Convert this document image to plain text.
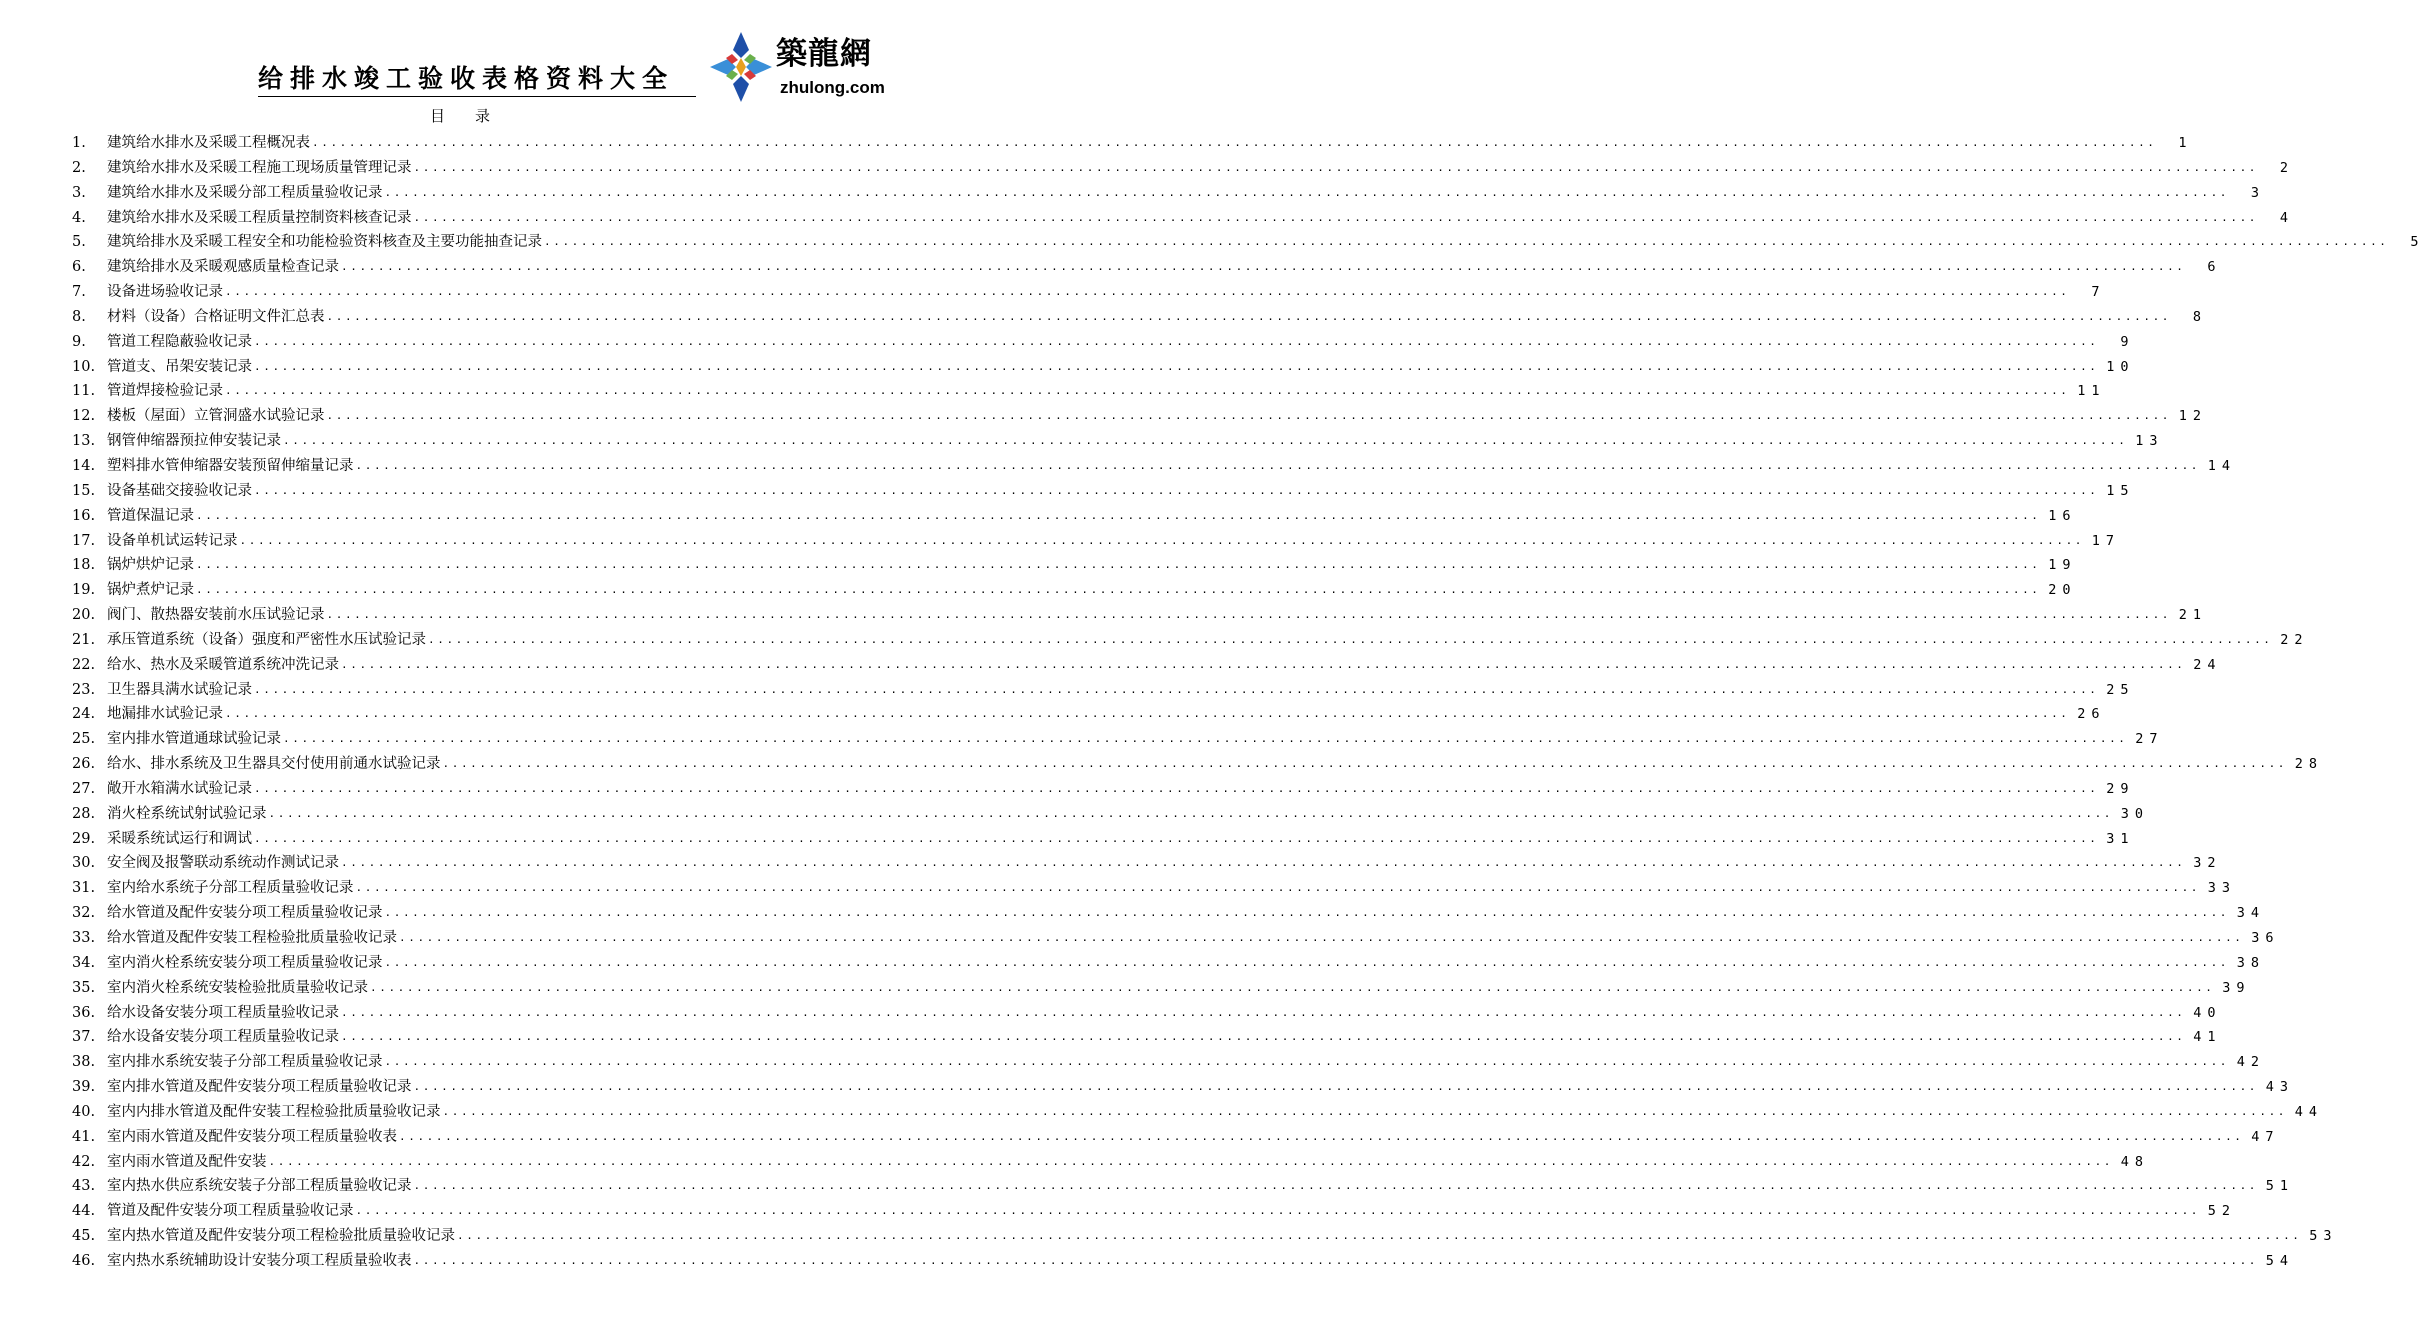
给排水竣工验收表格资料大全
築龍網
zhulong.com
目录
1. 建筑给水排水及采暖工程概况表 ........................................................................................................................................................................................................	1
2. 建筑给水排水及采暖工程施工现场质量管理记录 ........................................................................................................................................................................................................	2
3. 建筑给水排水及采暖分部工程质量验收记录 ........................................................................................................................................................................................................	3
4. 建筑给水排水及采暖工程质量控制资料核查记录 ........................................................................................................................................................................................................	4
5. 建筑给排水及采暖工程安全和功能检验资料核查及主要功能抽查记录 ........................................................................................................................................................................................................	5
6. 建筑给排水及采暖观感质量检查记录 ........................................................................................................................................................................................................	6
7. 设备进场验收记录 ........................................................................................................................................................................................................	7
8. 材料（设备）合格证明文件汇总表 ........................................................................................................................................................................................................	8
9. 管道工程隐蔽验收记录 ........................................................................................................................................................................................................	9
10. 管道支、吊架安装记录 ........................................................................................................................................................................................................ 10
11. 管道焊接检验记录 ........................................................................................................................................................................................................ 11
12. 楼板（屋面）立管洞盛水试验记录 ........................................................................................................................................................................................................ 12
13. 钢管伸缩器预拉伸安装记录 ........................................................................................................................................................................................................ 13
14. 塑料排水管伸缩器安装预留伸缩量记录 ........................................................................................................................................................................................................ 14
15. 设备基础交接验收记录 ........................................................................................................................................................................................................ 15
16. 管道保温记录 ........................................................................................................................................................................................................ 16
17. 设备单机试运转记录 ........................................................................................................................................................................................................ 17
18. 锅炉烘炉记录 ........................................................................................................................................................................................................ 19
19. 锅炉煮炉记录 ........................................................................................................................................................................................................ 20
20. 阀门、散热器安装前水压试验记录 ........................................................................................................................................................................................................ 21
21. 承压管道系统（设备）强度和严密性水压试验记录 ........................................................................................................................................................................................................ 22
22. 给水、热水及采暖管道系统冲洗记录 ........................................................................................................................................................................................................ 24
23. 卫生器具满水试验记录 ........................................................................................................................................................................................................ 25
24. 地漏排水试验记录 ........................................................................................................................................................................................................ 26
25. 室内排水管道通球试验记录 ........................................................................................................................................................................................................ 27
26. 给水、排水系统及卫生器具交付使用前通水试验记录 ........................................................................................................................................................................................................ 28
27. 敞开水箱满水试验记录 ........................................................................................................................................................................................................ 29
28. 消火栓系统试射试验记录 ........................................................................................................................................................................................................ 30
29. 采暖系统试运行和调试 ........................................................................................................................................................................................................ 31
30. 安全阀及报警联动系统动作测试记录 ........................................................................................................................................................................................................ 32
31. 室内给水系统子分部工程质量验收记录 ........................................................................................................................................................................................................ 33
32. 给水管道及配件安装分项工程质量验收记录 ........................................................................................................................................................................................................ 34
33. 给水管道及配件安装工程检验批质量验收记录 ........................................................................................................................................................................................................ 36
34. 室内消火栓系统安装分项工程质量验收记录 ........................................................................................................................................................................................................ 38
35. 室内消火栓系统安装检验批质量验收记录 ........................................................................................................................................................................................................ 39
36. 给水设备安装分项工程质量验收记录 ........................................................................................................................................................................................................ 40
37. 给水设备安装分项工程质量验收记录 ........................................................................................................................................................................................................ 41
38. 室内排水系统安装子分部工程质量验收记录 ........................................................................................................................................................................................................ 42
39. 室内排水管道及配件安装分项工程质量验收记录 ........................................................................................................................................................................................................ 43
40. 室内内排水管道及配件安装工程检验批质量验收记录 ........................................................................................................................................................................................................ 44
41. 室内雨水管道及配件安装分项工程质量验收表 ........................................................................................................................................................................................................ 47
42. 室内雨水管道及配件安装 ........................................................................................................................................................................................................ 48
43. 室内热水供应系统安装子分部工程质量验收记录 ........................................................................................................................................................................................................ 51
44. 管道及配件安装分项工程质量验收记录 ........................................................................................................................................................................................................ 52
45. 室内热水管道及配件安装分项工程检验批质量验收记录 ........................................................................................................................................................................................................ 53
46. 室内热水系统辅助设计安装分项工程质量验收表 ........................................................................................................................................................................................................ 54
